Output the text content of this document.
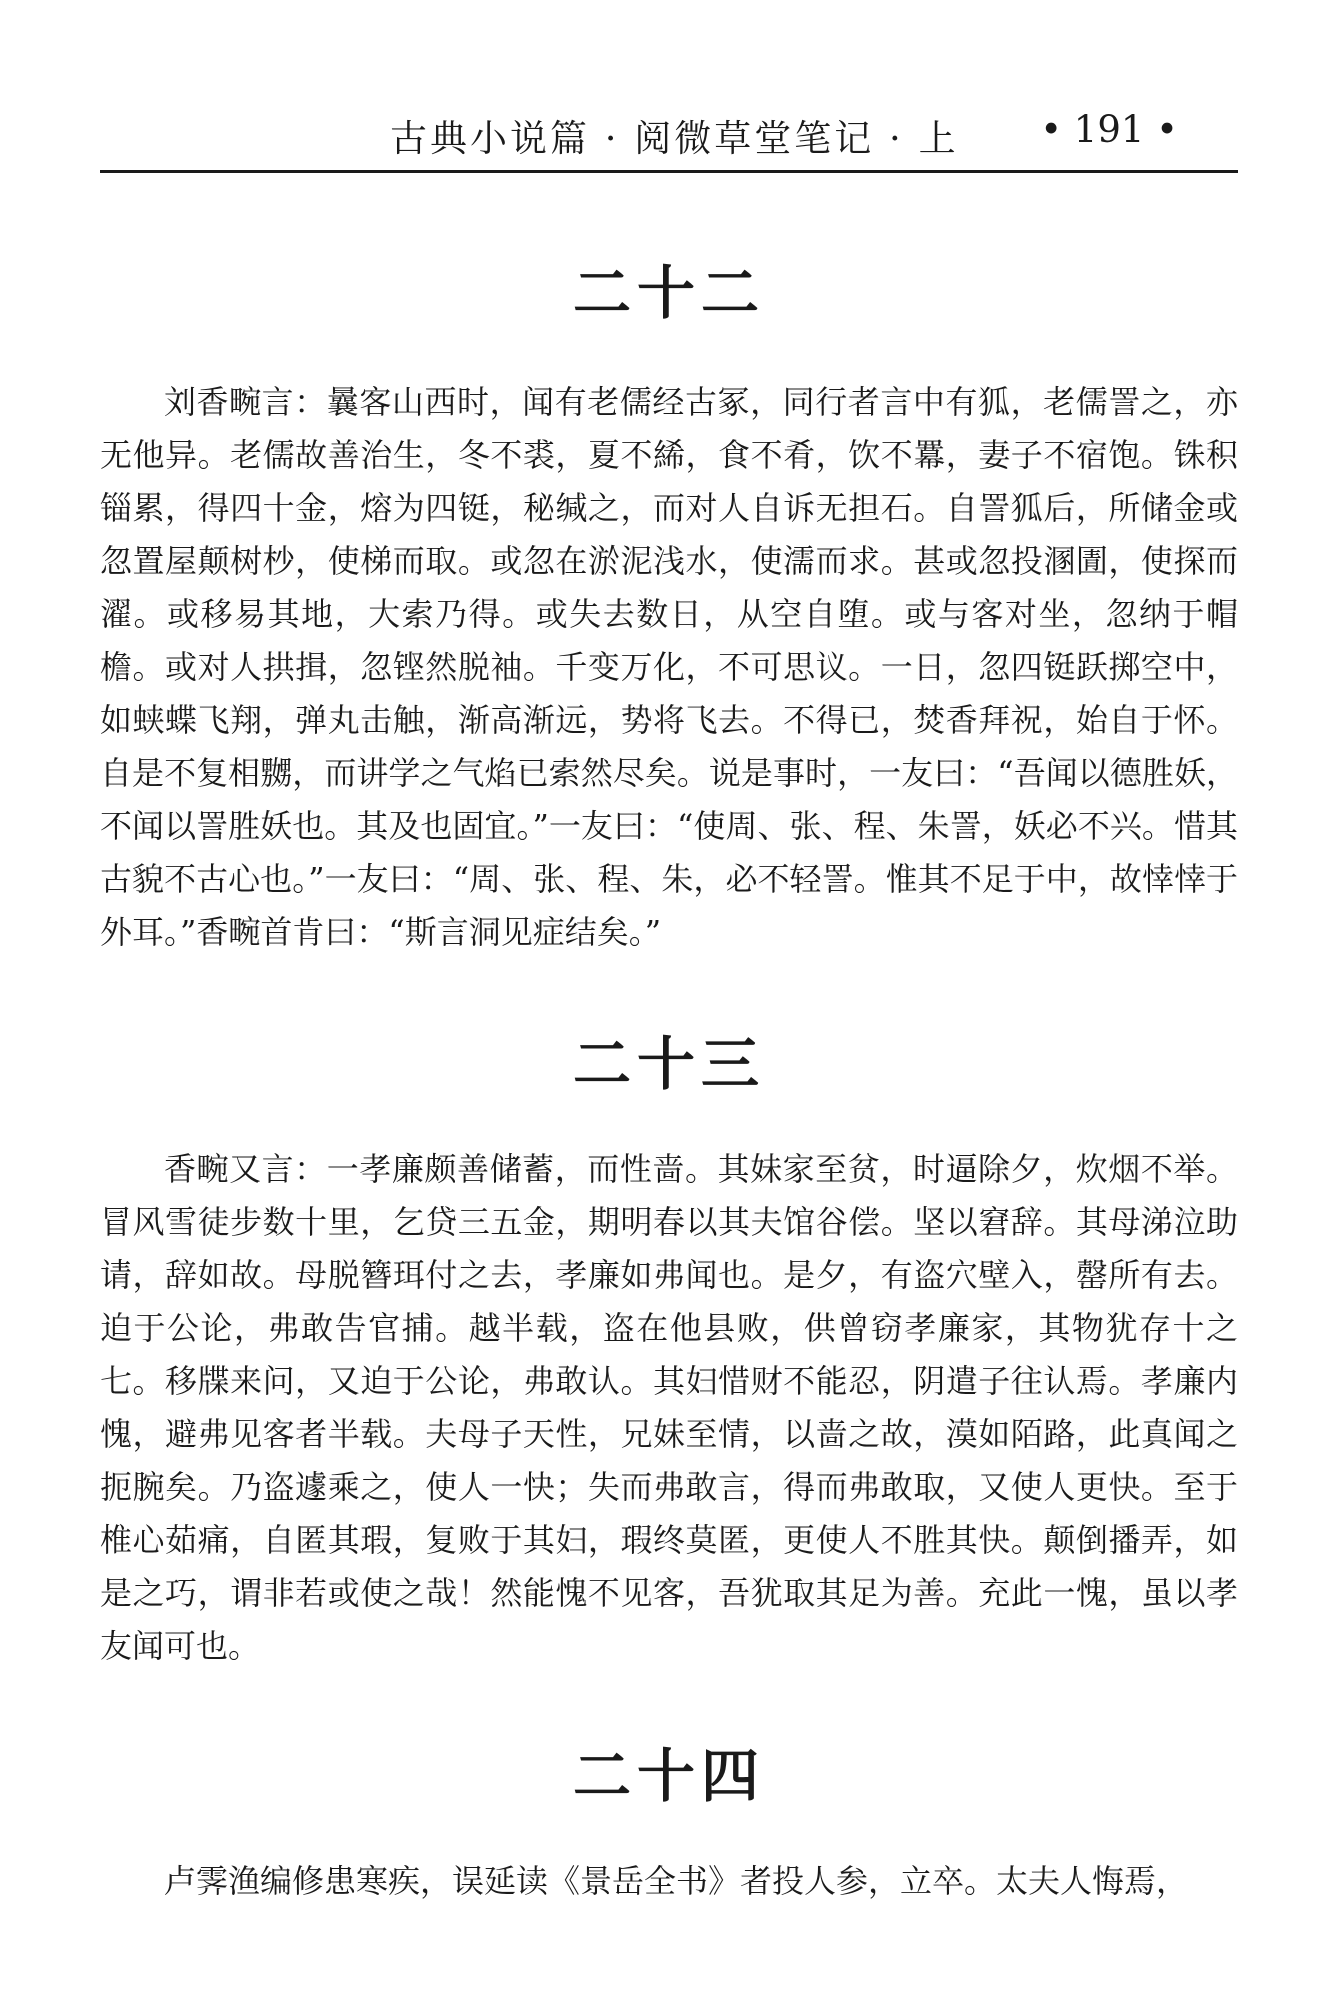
古典小说篇 · 阅微草堂笔记 · 上 • 191 •
二十二

刘香畹言：曩客山西时，闻有老儒经古冢，同行者言中有狐，老儒詈之，亦无他异。老儒故善治生，冬不裘，夏不絺，食不肴，饮不羃，妻子不宿饱。铢积锱累，得四十金，熔为四铤，秘缄之，而对人自诉无担石。自詈狐后，所储金或忽置屋颠树杪，使梯而取。或忽在淤泥浅水，使濡而求。甚或忽投溷圊，使探而濯。或移易其地，大索乃得。或失去数日，从空自堕。或与客对坐，忽纳于帽檐。或对人拱揖，忽铿然脱袖。千变万化，不可思议。一日，忽四铤跃掷空中，如蛱蝶飞翔，弹丸击触，渐高渐远，势将飞去。不得已，焚香拜祝，始自于怀。自是不复相嬲，而讲学之气焰已索然尽矣。说是事时，一友曰：“吾闻以德胜妖，不闻以詈胜妖也。其及也固宜。”一友曰：“使周、张、程、朱詈，妖必不兴。惜其古貌不古心也。”一友曰：“周、张、程、朱，必不轻詈。惟其不足于中，故悻悻于外耳。”香畹首肯曰：“斯言洞见症结矣。”

二十三

香畹又言：一孝廉颇善储蓄，而性啬。其妹家至贫，时逼除夕，炊烟不举。冒风雪徒步数十里，乞贷三五金，期明春以其夫馆谷偿。坚以窘辞。其母涕泣助请，辞如故。母脱簪珥付之去，孝廉如弗闻也。是夕，有盗穴壁入，罄所有去。迫于公论，弗敢告官捕。越半载，盗在他县败，供曾窃孝廉家，其物犹存十之七。移牒来问，又迫于公论，弗敢认。其妇惜财不能忍，阴遣子往认焉。孝廉内愧，避弗见客者半载。夫母子天性，兄妹至情，以啬之故，漠如陌路，此真闻之扼腕矣。乃盗遽乘之，使人一快；失而弗敢言，得而弗敢取，又使人更快。至于椎心茹痛，自匿其瑕，复败于其妇，瑕终莫匿，更使人不胜其快。颠倒播弄，如是之巧，谓非若或使之哉！然能愧不见客，吾犹取其足为善。充此一愧，虽以孝友闻可也。

二十四

卢霁渔编修患寒疾，误延读《景岳全书》者投人参，立卒。太夫人悔焉，
